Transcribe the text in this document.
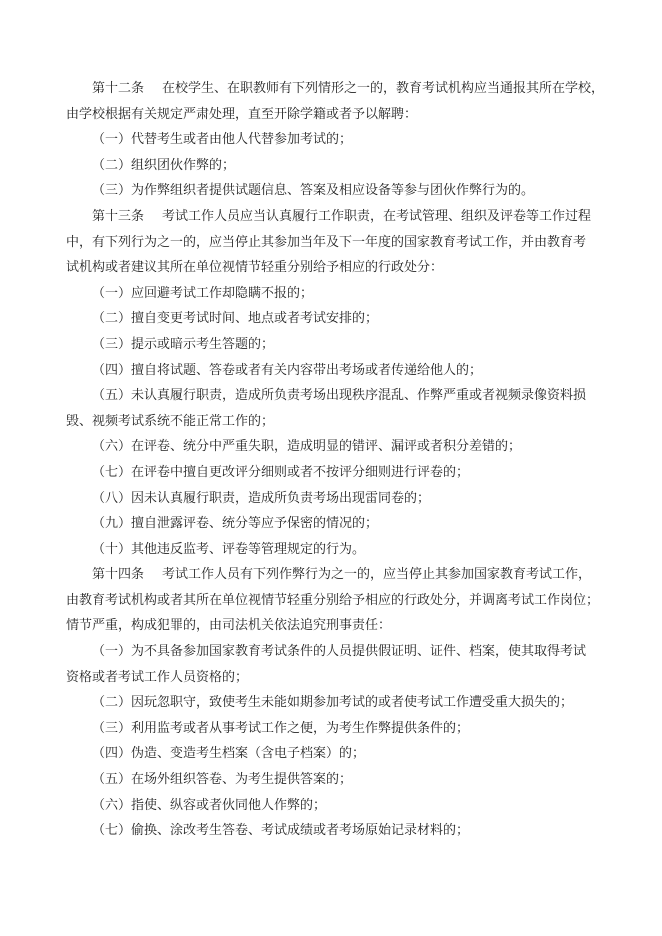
第十二条 在校学生、在职教师有下列情形之一的，教育考试机构应当通报其所在学校，

由学校根据有关规定严肃处理，直至开除学籍或者予以解聘：

（一）代替考生或者由他人代替参加考试的；

（二）组织团伙作弊的；

（三）为作弊组织者提供试题信息、答案及相应设备等参与团伙作弊行为的。

第十三条 考试工作人员应当认真履行工作职责，在考试管理、组织及评卷等工作过程

中，有下列行为之一的，应当停止其参加当年及下一年度的国家教育考试工作，并由教育考

试机构或者建议其所在单位视情节轻重分别给予相应的行政处分：

（一）应回避考试工作却隐瞒不报的；

（二）擅自变更考试时间、地点或者考试安排的；

（三）提示或暗示考生答题的；

（四）擅自将试题、答卷或者有关内容带出考场或者传递给他人的；

（五）未认真履行职责，造成所负责考场出现秩序混乱、作弊严重或者视频录像资料损

毁、视频考试系统不能正常工作的；

（六）在评卷、统分中严重失职，造成明显的错评、漏评或者积分差错的；

（七）在评卷中擅自更改评分细则或者不按评分细则进行评卷的；

（八）因未认真履行职责，造成所负责考场出现雷同卷的；

（九）擅自泄露评卷、统分等应予保密的情况的；

（十）其他违反监考、评卷等管理规定的行为。

第十四条 考试工作人员有下列作弊行为之一的，应当停止其参加国家教育考试工作，

由教育考试机构或者其所在单位视情节轻重分别给予相应的行政处分，并调离考试工作岗位；

情节严重，构成犯罪的，由司法机关依法追究刑事责任：

（一）为不具备参加国家教育考试条件的人员提供假证明、证件、档案，使其取得考试

资格或者考试工作人员资格的；

（二）因玩忽职守，致使考生未能如期参加考试的或者使考试工作遭受重大损失的；

（三）利用监考或者从事考试工作之便，为考生作弊提供条件的；

（四）伪造、变造考生档案（含电子档案）的；

（五）在场外组织答卷、为考生提供答案的；

（六）指使、纵容或者伙同他人作弊的；

（七）偷换、涂改考生答卷、考试成绩或者考场原始记录材料的；
